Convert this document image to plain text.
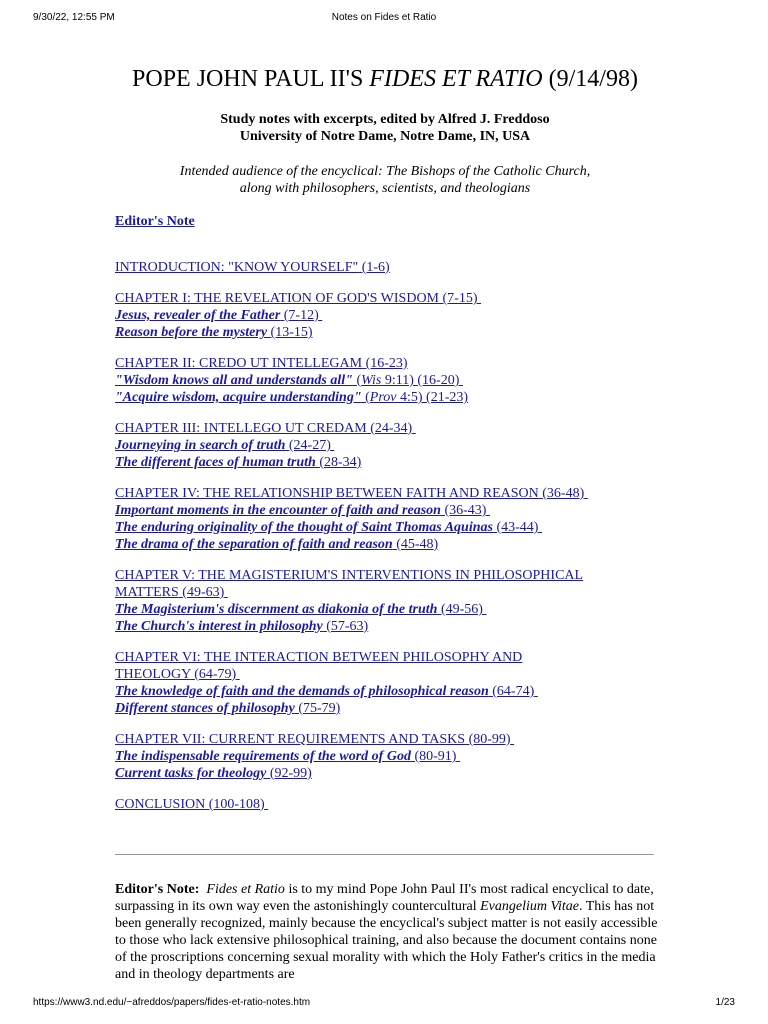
9/30/22, 12:55 PM	Notes on Fides et Ratio
POPE JOHN PAUL II'S FIDES ET RATIO (9/14/98)
Study notes with excerpts, edited by Alfred J. Freddoso
University of Notre Dame, Notre Dame, IN, USA
Intended audience of the encyclical: The Bishops of the Catholic Church,
along with philosophers, scientists, and theologians
Editor's Note
INTRODUCTION: "KNOW YOURSELF" (1-6)
CHAPTER I: THE REVELATION OF GOD'S WISDOM (7-15)
Jesus, revealer of the Father (7-12)
Reason before the mystery (13-15)
CHAPTER II: CREDO UT INTELLEGAM (16-23)
"Wisdom knows all and understands all" (Wis 9:11) (16-20)
"Acquire wisdom, acquire understanding" (Prov 4:5) (21-23)
CHAPTER III: INTELLEGO UT CREDAM (24-34)
Journeying in search of truth (24-27)
The different faces of human truth (28-34)
CHAPTER IV: THE RELATIONSHIP BETWEEN FAITH AND REASON (36-48)
Important moments in the encounter of faith and reason (36-43)
The enduring originality of the thought of Saint Thomas Aquinas (43-44)
The drama of the separation of faith and reason (45-48)
CHAPTER V: THE MAGISTERIUM'S INTERVENTIONS IN PHILOSOPHICAL
MATTERS (49-63)
The Magisterium's discernment as diakonia of the truth (49-56)
The Church's interest in philosophy (57-63)
CHAPTER VI: THE INTERACTION BETWEEN PHILOSOPHY AND
THEOLOGY (64-79)
The knowledge of faith and the demands of philosophical reason (64-74)
Different stances of philosophy (75-79)
CHAPTER VII: CURRENT REQUIREMENTS AND TASKS (80-99)
The indispensable requirements of the word of God (80-91)
Current tasks for theology (92-99)
CONCLUSION (100-108)
Editor's Note: Fides et Ratio is to my mind Pope John Paul II's most radical encyclical to date, surpassing in its own way even the astonishingly countercultural Evangelium Vitae. This has not been generally recognized, mainly because the encyclical's subject matter is not easily accessible to those who lack extensive philosophical training, and also because the document contains none of the proscriptions concerning sexual morality with which the Holy Father's critics in the media and in theology departments are
https://www3.nd.edu/~afreddos/papers/fides-et-ratio-notes.htm	1/23
